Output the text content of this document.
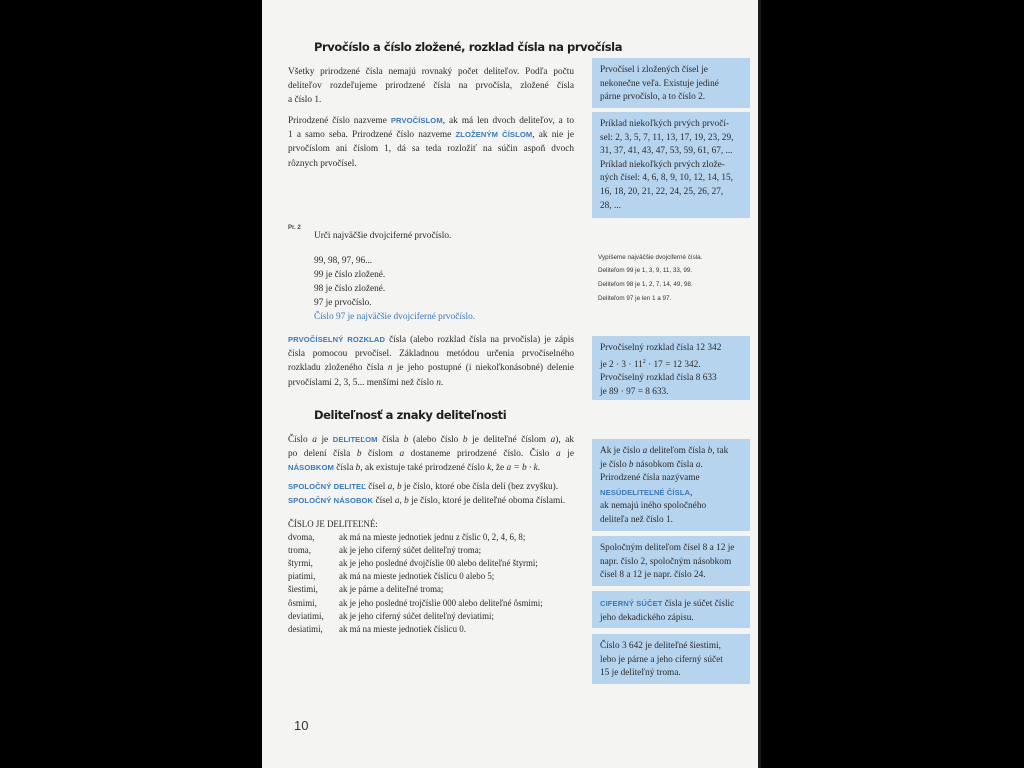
Prvočíslo a číslo zložené, rozklad čísla na prvočísla
Všetky prirodzené čísla nemajú rovnaký počet deliteľov. Podľa počtu
deliteľov rozdeľujeme prirodzené čísla na prvočísla, zložené čísla
a číslo 1.
Prirodzené číslo nazveme PRVOČÍSLOM, ak má len dvoch deliteľov, a to
1 a samo seba. Prirodzené číslo nazveme ZLOŽENÝM ČÍSLOM, ak nie je
prvočíslom ani číslom 1, dá sa teda rozložiť na súčin aspoň dvoch
rôznych prvočísel.
Prvočísel i zložených čísel je
nekonečne veľa. Existuje jediné
párne prvočíslo, a to číslo 2.
Príklad niekoľkých prvých prvočí-
sel: 2, 3, 5, 7, 11, 13, 17, 19, 23, 29,
31, 37, 41, 43, 47, 53, 59, 61, 67, ...
Príklad niekoľkých prvých zlože-
ných čísel: 4, 6, 8, 9, 10, 12, 14, 15,
16, 18, 20, 21, 22, 24, 25, 26, 27,
28, ...
Pr. 2
Urči najväčšie dvojciferné prvočíslo.
99, 98, 97, 96...
99 je číslo zložené.
98 je číslo zložené.
97 je prvočíslo.
Číslo 97 je najväčšie dvojciferné prvočíslo.
Vypíšeme najväčšie dvojciferné čísla.
Deliteľom 99 je 1, 3, 9, 11, 33, 99.
Deliteľom 98 je 1, 2, 7, 14, 49, 98.
Deliteľom 97 je len 1 a 97.
PRVOČÍSELNÝ ROZKLAD čísla (alebo rozklad čísla na prvočísla) je zápis
čísla pomocou prvočísel. Základnou metódou určenia prvočíselného
rozkladu zloženého čísla n je jeho postupné (i niekoľkonásobné) delenie
prvočíslami 2, 3, 5... menšími než číslo n.
Prvočíselný rozklad čísla 12 342
je $2 \cdot 3 \cdot 11^2 \cdot 17 = 12$ 342.
Prvočíselný rozklad čísla 8 633
je 89 · 97 = 8 633.
Deliteľnosť a znaky deliteľnosti
Číslo a je DELITEĽOM čísla b (alebo číslo b je deliteľné číslom a), ak
po delení čísla b číslom a dostaneme prirodzené číslo. Číslo a je
NÁSOBKOM čísla b, ak existuje také prirodzené číslo k, že a = b · k.
SPOLOČNÝ DELITEĽ čísel a, b je číslo, ktoré obe čísla delí (bez zvyšku).
SPOLOČNÝ NÁSOBOK čísel a, b je číslo, ktoré je deliteľné oboma číslami.
ČÍSLO JE DELITEĽNÉ:
Ak je číslo a deliteľom čísla b, tak
je číslo b násobkom čísla a.
Prirodzené čísla nazývame
NESÚDELITEĽNÉ ČÍSLA,
ak nemajú iného spoločného
deliteľa než číslo 1.
Spoločným deliteľom čísel 8 a 12 je
napr. číslo 2, spoločným násobkom
čísel 8 a 12 je napr. číslo 24.
CIFERNÝ SÚČET čísla je súčet číslic
jeho dekadického zápisu.
Číslo 3 642 je deliteľné šiestimi,
lebo je párne a jeho ciferný súčet
15 je deliteľný troma.
10
dvoma,	ak má na mieste jednotiek jednu z číslic 0, 2, 4, 6, 8;
troma,	ak je jeho ciferný súčet deliteľný troma;
štyrmi,	ak je jeho posledné dvojčíslie 00 alebo deliteľné štyrmi;
piatimi,	ak má na mieste jednotiek číslicu 0 alebo 5;
šiestimi, ak je párne a deliteľné troma;
ôsmimi, ak je jeho posledné trojčíslie 000 alebo deliteľné ôsmimi;
deviatimi, ak je jeho ciferný súčet deliteľný deviatimi;
desiatimi, ak má na mieste jednotiek číslicu 0.
